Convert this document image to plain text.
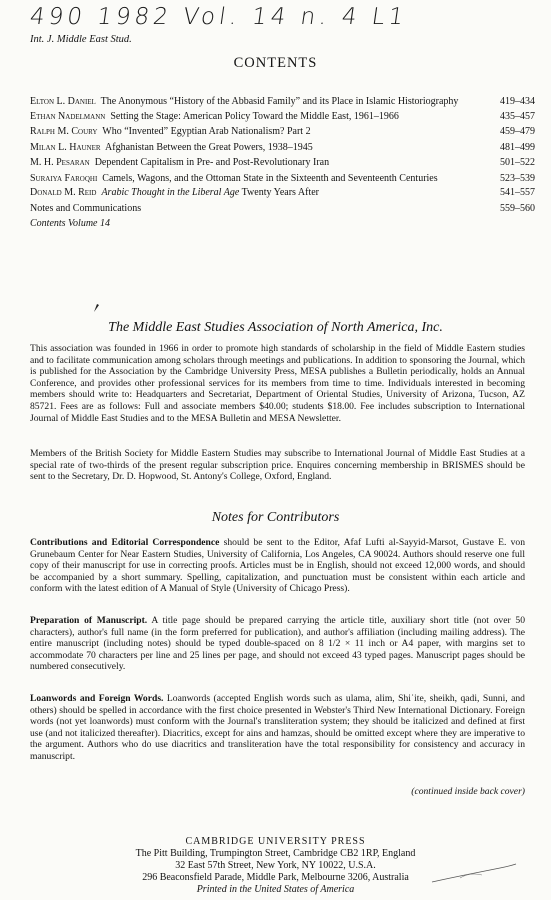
490 1982 Vol. 14 n. 4 L1
Int. J. Middle East Stud.
CONTENTS
Elton L. Daniel The Anonymous “History of the Abbasid Family” and its Place in Islamic Historiography	419–434
Ethan Nadelmann Setting the Stage: American Policy Toward the Middle East, 1961–1966	435–457
Ralph M. Coury Who “Invented” Egyptian Arab Nationalism? Part 2	459–479
Milan L. Hauner Afghanistan Between the Great Powers, 1938–1945	481–499
M. H. Pesaran Dependent Capitalism in Pre- and Post-Revolutionary Iran	501–522
Suraiya Faroqhi Camels, Wagons, and the Ottoman State in the Sixteenth and Seventeenth Centuries	523–539
Donald M. Reid Arabic Thought in the Liberal Age Twenty Years After	541–557
Notes and Communications	559–560
Contents Volume 14
The Middle East Studies Association of North America, Inc.
This association was founded in 1966 in order to promote high standards of scholarship in the field of Middle Eastern studies and to facilitate communication among scholars through meetings and publications. In addition to sponsoring the Journal, which is published for the Association by the Cambridge University Press, MESA publishes a Bulletin periodically, holds an Annual Conference, and provides other professional services for its members from time to time. Individuals interested in becoming members should write to: Headquarters and Secretariat, Department of Oriental Studies, University of Arizona, Tucson, AZ 85721. Fees are as follows: Full and associate members $40.00; students $18.00. Fee includes subscription to International Journal of Middle East Studies and to the MESA Bulletin and MESA Newsletter.
Members of the British Society for Middle Eastern Studies may subscribe to International Journal of Middle East Studies at a special rate of two-thirds of the present regular subscription price. Enquires concerning membership in BRISMES should be sent to the Secretary, Dr. D. Hopwood, St. Antony's College, Oxford, England.
Notes for Contributors
Contributions and Editorial Correspondence should be sent to the Editor, Afaf Lufti al-Sayyid-Marsot, Gustave E. von Grunebaum Center for Near Eastern Studies, University of California, Los Angeles, CA 90024. Authors should reserve one full copy of their manuscript for use in correcting proofs. Articles must be in English, should not exceed 12,000 words, and should be accompanied by a short summary. Spelling, capitalization, and punctuation must be consistent within each article and conform with the latest edition of A Manual of Style (University of Chicago Press).
Preparation of Manuscript. A title page should be prepared carrying the article title, auxiliary short title (not over 50 characters), author's full name (in the form preferred for publication), and author's affiliation (including mailing address). The entire manuscript (including notes) should be typed double-spaced on 8 1/2 × 11 inch or A4 paper, with margins set to accommodate 70 characters per line and 25 lines per page, and should not exceed 43 typed pages. Manuscript pages should be numbered consecutively.
Loanwords and Foreign Words. Loanwords (accepted English words such as ulama, alim, Shiʿite, sheikh, qadi, Sunni, and others) should be spelled in accordance with the first choice presented in Webster's Third New International Dictionary. Foreign words (not yet loanwords) must conform with the Journal's transliteration system; they should be italicized and defined at first use (and not italicized thereafter). Diacritics, except for ains and hamzas, should be omitted except where they are imperative to the argument. Authors who do use diacritics and transliteration have the total responsibility for consistency and accuracy in manuscript.
(continued inside back cover)
CAMBRIDGE UNIVERSITY PRESS
The Pitt Building, Trumpington Street, Cambridge CB2 1RP, England
32 East 57th Street, New York, NY 10022, U.S.A.
296 Beaconsfield Parade, Middle Park, Melbourne 3206, Australia
Printed in the United States of America
